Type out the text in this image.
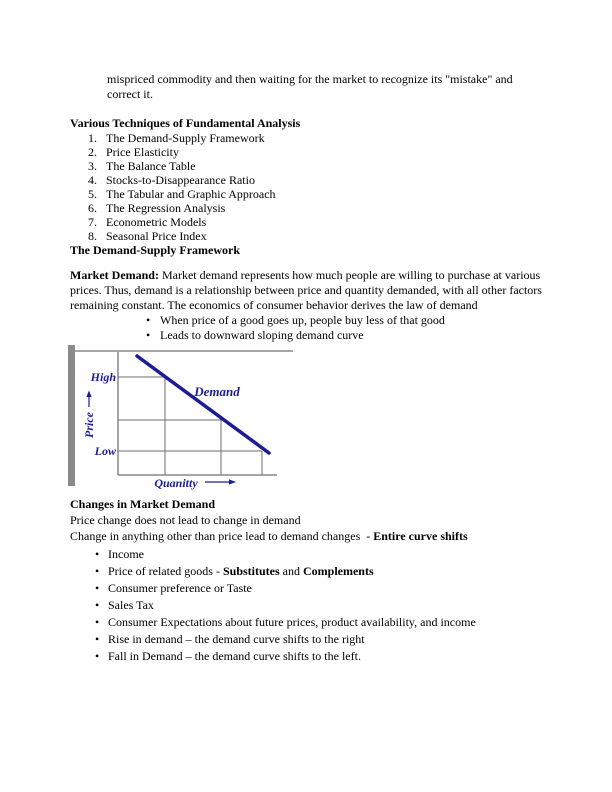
mispriced commodity and then waiting for the market to recognize its "mistake" and
correct it.
Various Techniques of Fundamental Analysis
1. The Demand-Supply Framework
2. Price Elasticity
3. The Balance Table
4. Stocks-to-Disappearance Ratio
5. The Tabular and Graphic Approach
6. The Regression Analysis
7. Econometric Models
8. Seasonal Price Index
The Demand-Supply Framework
Market Demand: Market demand represents how much people are willing to purchase at various prices. Thus, demand is a relationship between price and quantity demanded, with all other factors remaining constant. The economics of consumer behavior derives the law of demand
• When price of a good goes up, people buy less of that good
• Leads to downward sloping demand curve
High
Low
Price
Demand
Quanitty
Changes in Market Demand
Price change does not lead to change in demand
Change in anything other than price lead to demand changes  - Entire curve shifts
• Income
• Price of related goods - Substitutes and Complements
• Consumer preference or Taste
• Sales Tax
• Consumer Expectations about future prices, product availability, and income
• Rise in demand – the demand curve shifts to the right
• Fall in Demand – the demand curve shifts to the left.
